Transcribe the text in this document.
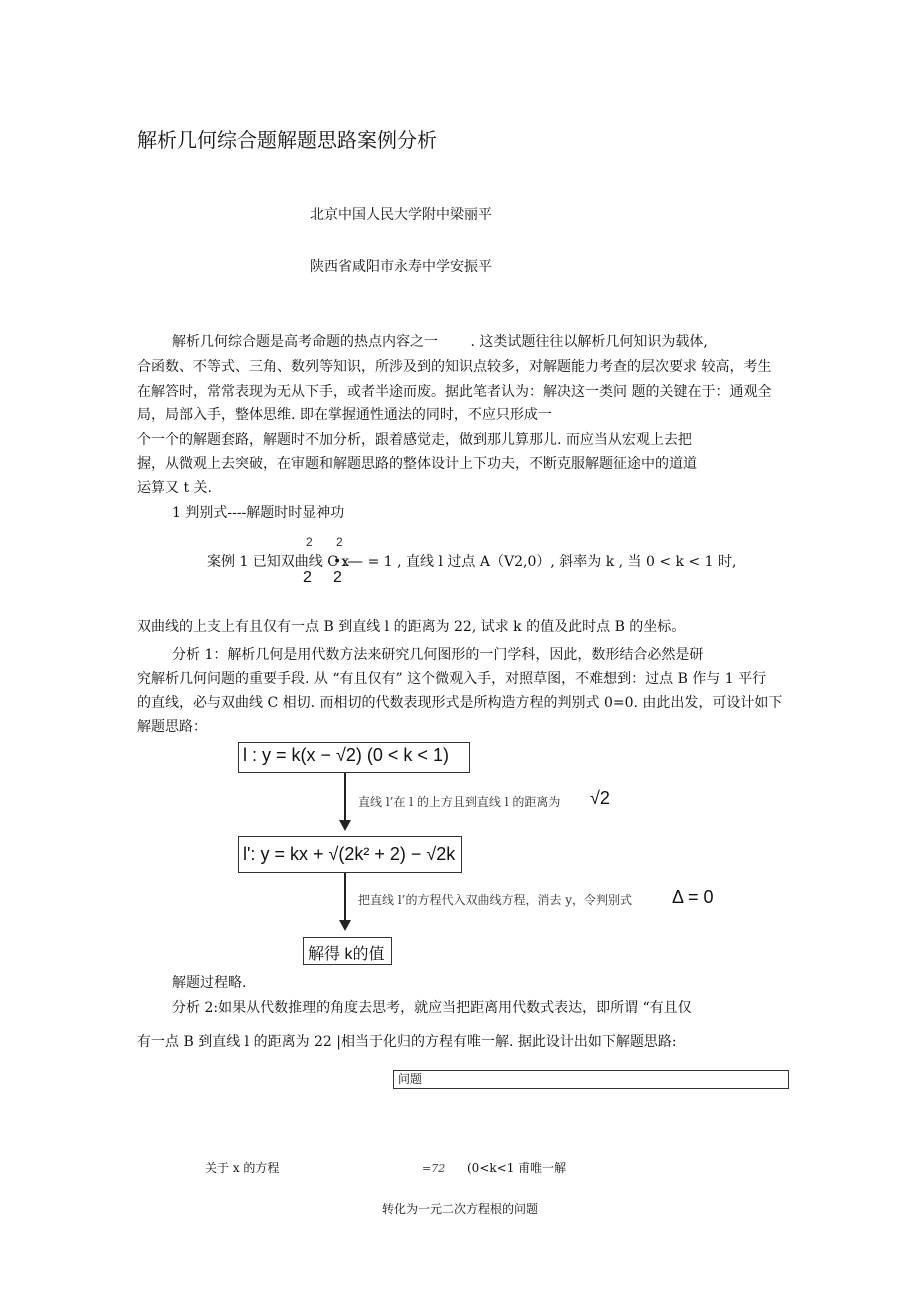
解析几何综合题解题思路案例分析
北京中国人民大学附中梁丽平
陕西省咸阳市永寿中学安振平
解析几何综合题是高考命题的热点内容之一　　 . 这类试题往往以解析几何知识为载体,
合函数、不等式、三角、数列等知识，所涉及到的知识点较多，对解题能力考查的层次要求 较高，考生
在解答时，常常表现为无从下手，或者半途而废。据此笔者认为：解决这一类问 题的关键在于：通观全
局，局部入手，整体思维. 即在掌握通性通法的同时，不应只形成一
个一个的解题套路，解题时不加分析，跟着感觉走，做到那儿算那儿. 而应当从宏观上去把
握，从微观上去突破，在审题和解题思路的整体设计上下功夫，不断克服解题征途中的道道
运算又 t 关.
1 判别式----解题时时显神功
案例 1 已知双曲线 C :—
2 2
2 2
•x— = 1 , 直线 l 过点 A（V2,0）, 斜率为 k , 当 0 < k < 1 时,
双曲线的上支上有且仅有一点 B 到直线 l 的距离为 22, 试求 k 的值及此时点 B 的坐标。
分析 1：解析几何是用代数方法来研究几何图形的一门学科，因此，数形结合必然是研
究解析几何问题的重要手段. 从 “有且仅有” 这个微观入手，对照草图，不难想到：过点 B 作与 1 平行
的直线，必与双曲线 C 相切. 而相切的代数表现形式是所构造方程的判别式 0=0. 由此出发，可设计如下
解题思路：
l : y = k(x − √2) (0 < k < 1)
直线 l’在 l 的上方且到直线 l 的距离为 √2
l': y = kx + √(2k² + 2) − √2k
把直线 l’的方程代入双曲线方程，消去 y，令判别式 Δ = 0
解得 k的值
解题过程略.
分析 2:如果从代数推理的角度去思考，就应当把距离用代数式表达，即所谓 “有且仅
有一点 B 到直线 l 的距离为 22 |相当于化归的方程有唯一解. 据此设计出如下解题思路:
问题
关于 x 的方程	=72 (0<k<1 甫唯一解
转化为一元二次方程根的问题
